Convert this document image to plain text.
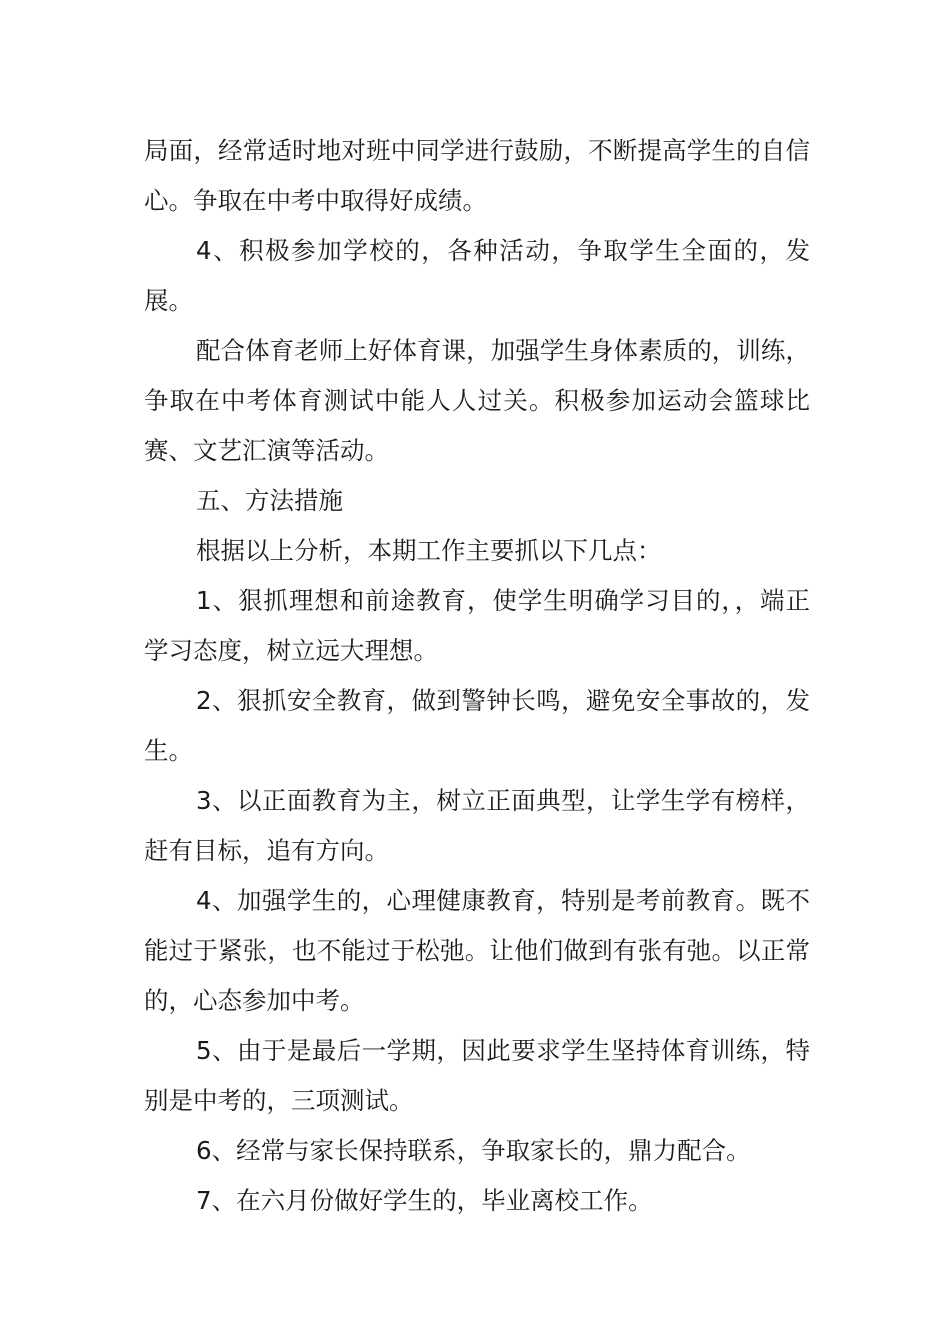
局面，经常适时地对班中同学进行鼓励，不断提高学生的自信心。争取在中考中取得好成绩。

4、积极参加学校的，各种活动，争取学生全面的，发展。

配合体育老师上好体育课，加强学生身体素质的，训练，争取在中考体育测试中能人人过关。积极参加运动会篮球比赛、文艺汇演等活动。

五、方法措施

根据以上分析，本期工作主要抓以下几点：

1、狠抓理想和前途教育，使学生明确学习目的，，端正学习态度，树立远大理想。

2、狠抓安全教育，做到警钟长鸣，避免安全事故的，发生。

3、以正面教育为主，树立正面典型，让学生学有榜样，赶有目标，追有方向。

4、加强学生的，心理健康教育，特别是考前教育。既不能过于紧张，也不能过于松弛。让他们做到有张有弛。以正常的，心态参加中考。

5、由于是最后一学期，因此要求学生坚持体育训练，特别是中考的，三项测试。

6、经常与家长保持联系，争取家长的，鼎力配合。

7、在六月份做好学生的，毕业离校工作。
